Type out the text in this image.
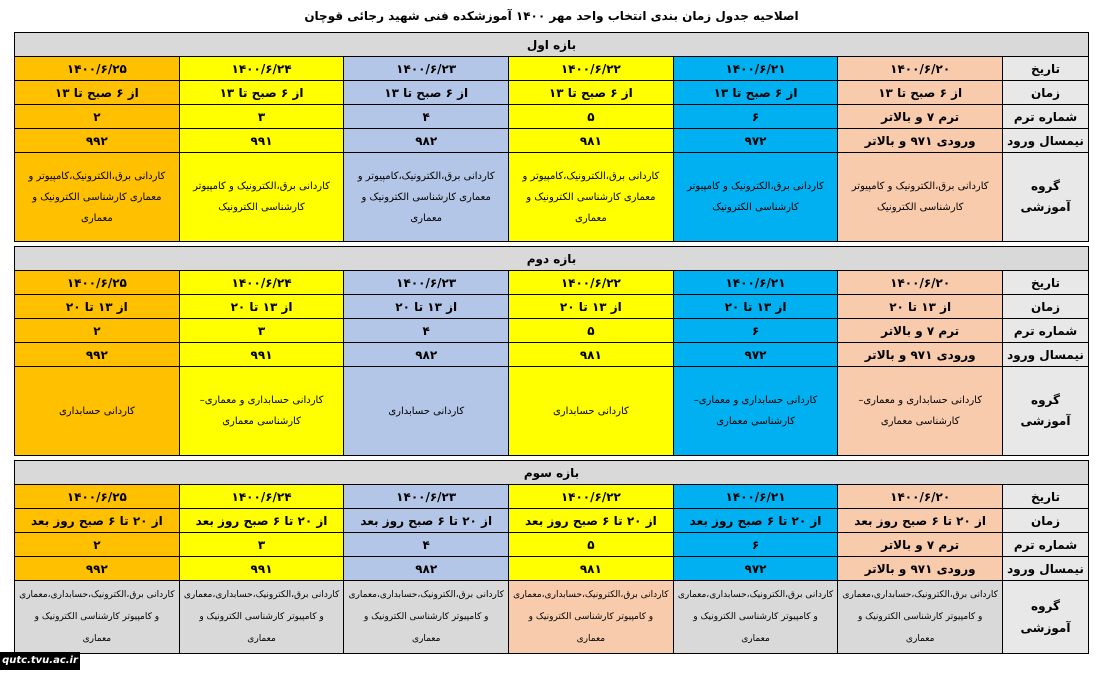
اصلاحیه جدول زمان بندی انتخاب واحد مهر ۱۴۰۰ آموزشکده فنی شهید رجائی قوچان
بازه اول						
تاریخ	۱۴۰۰/۶/۲۰	۱۴۰۰/۶/۲۱	۱۴۰۰/۶/۲۲	۱۴۰۰/۶/۲۳	۱۴۰۰/۶/۲۴	۱۴۰۰/۶/۲۵
زمان	از ۶ صبح تا ۱۳	از ۶ صبح تا ۱۳	از ۶ صبح تا ۱۳	از ۶ صبح تا ۱۳	از ۶ صبح تا ۱۳	از ۶ صبح تا ۱۳
شماره ترم	ترم ۷ و بالاتر	۶	۵	۴	۳	۲
نیمسال ورود	ورودی ۹۷۱ و بالاتر	۹۷۲	۹۸۱	۹۸۲	۹۹۱	۹۹۲
گروه آموزشی	کاردانی برق،الکترونیک و کامپیوتر کارشناسی الکترونیک	کاردانی برق،الکترونیک و کامپیوتر کارشناسی الکترونیک	کاردانی برق،الکترونیک،کامپیوتر و معماری کارشناسی الکترونیک و معماری	کاردانی برق،الکترونیک،کامپیوتر و معماری کارشناسی الکترونیک و معماری	کاردانی برق،الکترونیک و کامپیوتر کارشناسی الکترونیک	کاردانی برق،الکترونیک،کامپیوتر و معماری کارشناسی الکترونیک و معماری

بازه دوم						
تاریخ	۱۴۰۰/۶/۲۰	۱۴۰۰/۶/۲۱	۱۴۰۰/۶/۲۲	۱۴۰۰/۶/۲۳	۱۴۰۰/۶/۲۴	۱۴۰۰/۶/۲۵
زمان	از ۱۳ تا ۲۰	از ۱۳ تا ۲۰	از ۱۳ تا ۲۰	از ۱۳ تا ۲۰	از ۱۳ تا ۲۰	از ۱۳ تا ۲۰
شماره ترم	ترم ۷ و بالاتر	۶	۵	۴	۳	۲
نیمسال ورود	ورودی ۹۷۱ و بالاتر	۹۷۲	۹۸۱	۹۸۲	۹۹۱	۹۹۲
گروه آموزشی	کاردانی حسابداری و معماری– کارشناسی معماری	کاردانی حسابداری و معماری– کارشناسی معماری	کاردانی حسابداری	کاردانی حسابداری	کاردانی حسابداری و معماری– کارشناسی معماری	کاردانی حسابداری

بازه سوم						
تاریخ	۱۴۰۰/۶/۲۰	۱۴۰۰/۶/۲۱	۱۴۰۰/۶/۲۲	۱۴۰۰/۶/۲۳	۱۴۰۰/۶/۲۴	۱۴۰۰/۶/۲۵
زمان	از ۲۰ تا ۶ صبح روز بعد	از ۲۰ تا ۶ صبح روز بعد	از ۲۰ تا ۶ صبح روز بعد	از ۲۰ تا ۶ صبح روز بعد	از ۲۰ تا ۶ صبح روز بعد	از ۲۰ تا ۶ صبح روز بعد
شماره ترم	ترم ۷ و بالاتر	۶	۵	۴	۳	۲
نیمسال ورود	ورودی ۹۷۱ و بالاتر	۹۷۲	۹۸۱	۹۸۲	۹۹۱	۹۹۲
گروه آموزشی	کاردانی برق،الکترونیک،حسابداری،معماری و کامپیوتر کارشناسی الکترونیک و معماری	کاردانی برق،الکترونیک،حسابداری،معماری و کامپیوتر کارشناسی الکترونیک و معماری	کاردانی برق،الکترونیک،حسابداری،معماری و کامپیوتر کارشناسی الکترونیک و معماری	کاردانی برق،الکترونیک،حسابداری،معماری و کامپیوتر کارشناسی الکترونیک و معماری	کاردانی برق،الکترونیک،حسابداری،معماری و کامپیوتر کارشناسی الکترونیک و معماری	کاردانی برق،الکترونیک،حسابداری،معماری و کامپیوتر کارشناسی الکترونیک و معماری
qutc.tvu.ac.ir
